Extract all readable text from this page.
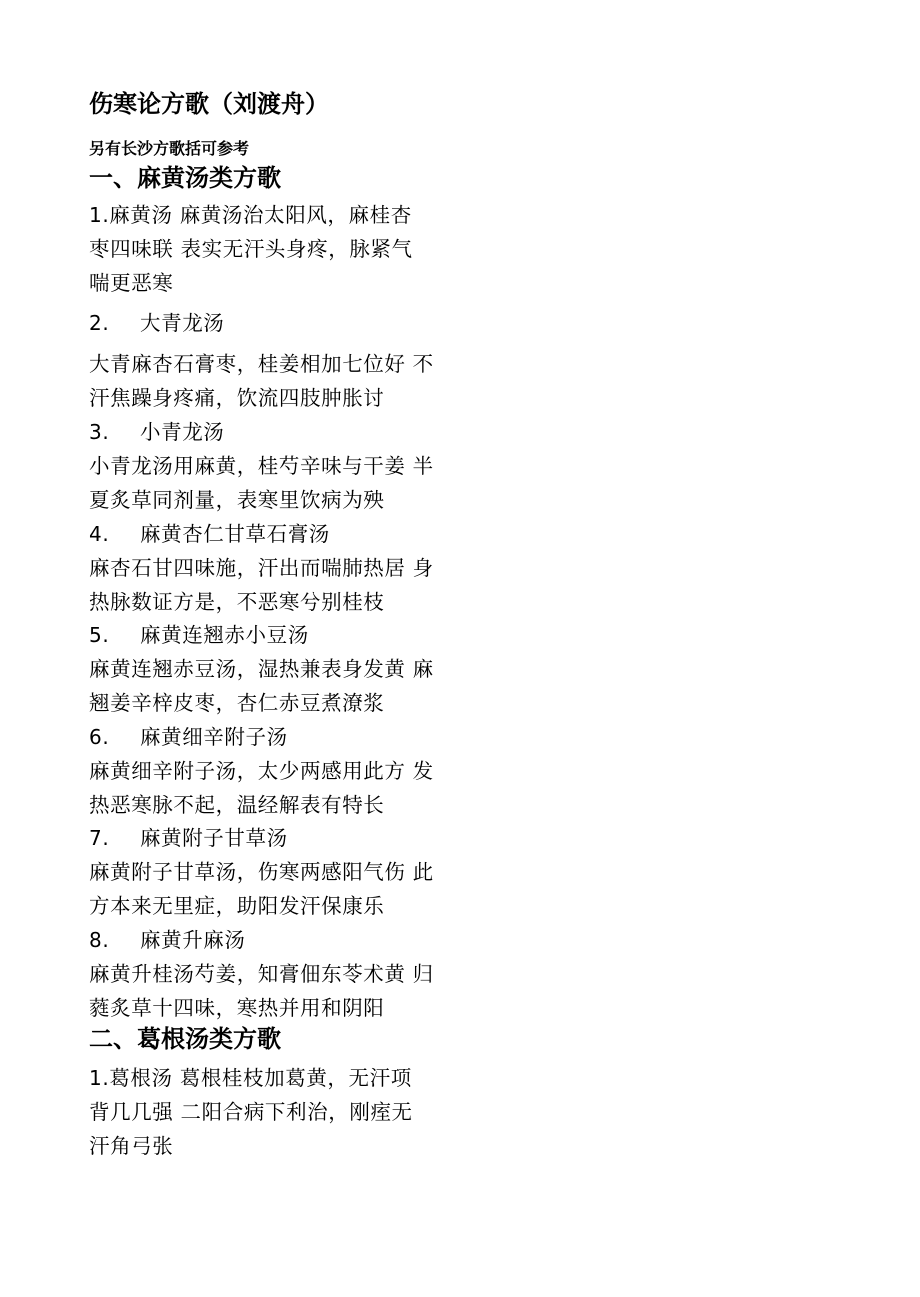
伤寒论方歌（刘渡舟）

另有长沙方歌括可参考

一、麻黄汤类方歌

1.麻黄汤 麻黄汤治太阳风，麻桂杏

枣四味联 表实无汗头身疼，脉紧气

喘更恶寒

2. 大青龙汤

大青麻杏石膏枣，桂姜相加七位好 不

汗焦躁身疼痛，饮流四肢肿胀讨

3. 小青龙汤

小青龙汤用麻黄，桂芍辛味与干姜 半

夏炙草同剂量，表寒里饮病为殃

4. 麻黄杏仁甘草石膏汤

麻杏石甘四味施，汗出而喘肺热居 身

热脉数证方是，不恶寒兮别桂枝

5. 麻黄连翘赤小豆汤

麻黄连翘赤豆汤，湿热兼表身发黄 麻

翘姜辛梓皮枣，杏仁赤豆煮潦浆

6. 麻黄细辛附子汤

麻黄细辛附子汤，太少两感用此方 发

热恶寒脉不起，温经解表有特长

7. 麻黄附子甘草汤

麻黄附子甘草汤，伤寒两感阳气伤 此

方本来无里症，助阳发汗保康乐

8. 麻黄升麻汤

麻黄升桂汤芍姜，知膏佃东苓术黄 归

蕤炙草十四味，寒热并用和阴阳

二、葛根汤类方歌

1.葛根汤 葛根桂枝加葛黄，无汗项

背几几强 二阳合病下利治，刚痓无

汗角弓张
